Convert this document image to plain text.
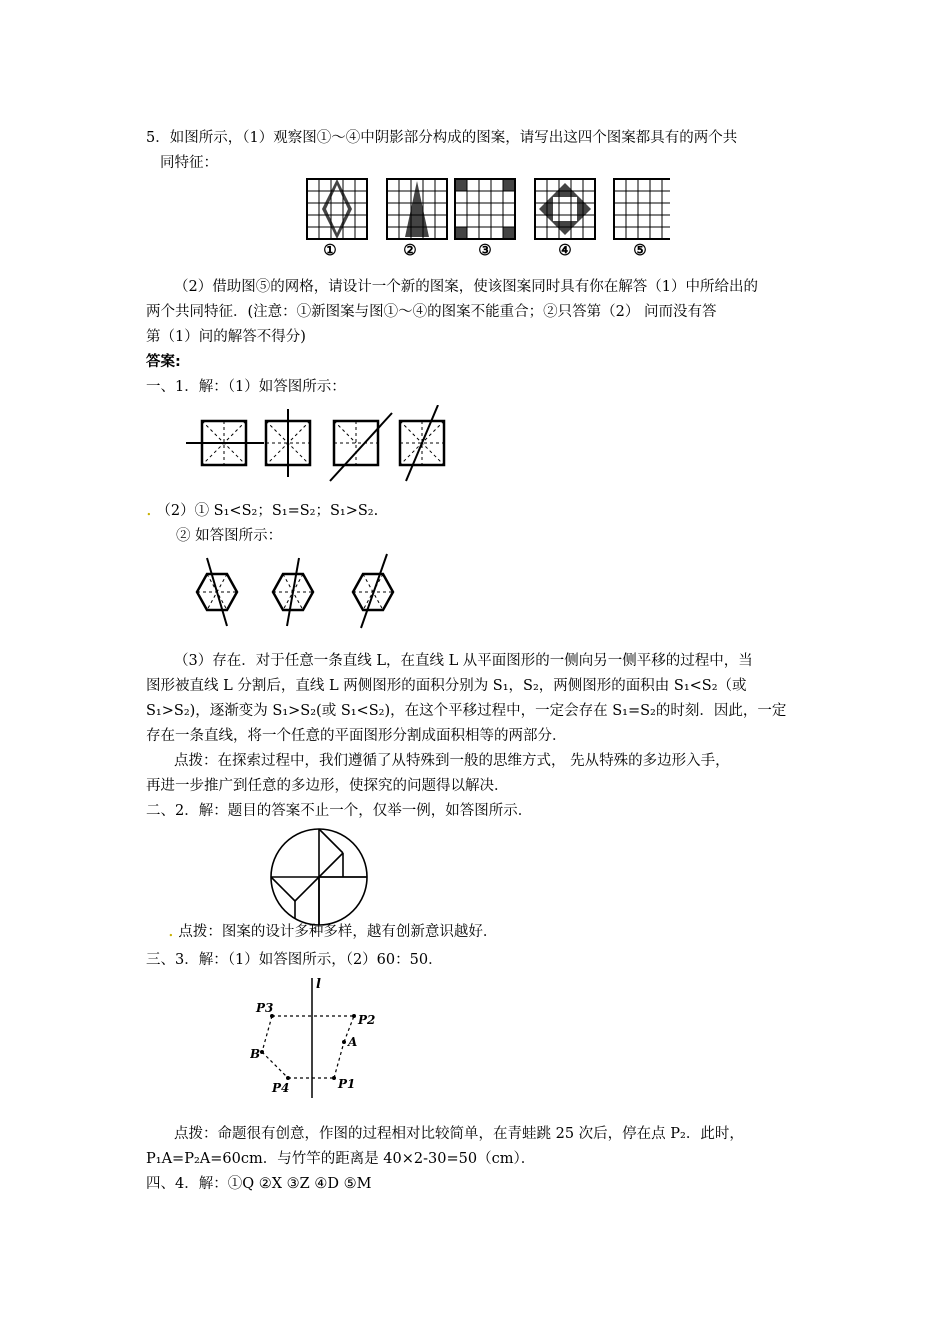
5．如图所示，（1）观察图①～④中阴影部分构成的图案，请写出这四个图案都具有的两个共
同特征：
①	②	③	④	⑤
（2）借助图⑤的网格，请设计一个新的图案，使该图案同时具有你在解答（1）中所给出的
两个共同特征．(注意：①新图案与图①～④的图案不能重合；②只答第（2） 问而没有答
第（1）问的解答不得分)
答案:
一、1．解：（1）如答图所示：
. （2）① S₁<S₂；S₁=S₂；S₁>S₂.
② 如答图所示：
（3）存在．对于任意一条直线 L，在直线 L 从平面图形的一侧向另一侧平移的过程中，当
图形被直线 L 分割后，直线 L 两侧图形的面积分别为 S₁，S₂，两侧图形的面积由 S₁<S₂（或
S₁>S₂)，逐渐变为 S₁>S₂(或 S₁<S₂)，在这个平移过程中，一定会存在 S₁=S₂的时刻．因此，一定
存在一条直线，将一个任意的平面图形分割成面积相等的两部分．
点拨：在探索过程中，我们遵循了从特殊到一般的思维方式， 先从特殊的多边形入手，
再进一步推广到任意的多边形，使探究的问题得以解决．
二、2．解：题目的答案不止一个，仅举一例，如答图所示．
. 点拨：图案的设计多种多样，越有创新意识越好．
三、3．解：（1）如答图所示，（2）60：50．
l
P3
P2
B
A
P4	P1
点拨：命题很有创意，作图的过程相对比较简单，在青蛙跳 25 次后，停在点 P₂．此时，
P₁A=P₂A=60cm．与竹竿的距离是 40×2-30=50（cm）．
四、4．解：①Q ②X ③Z ④D ⑤M
